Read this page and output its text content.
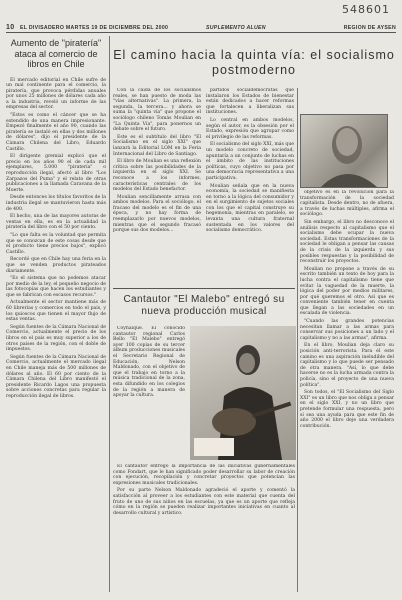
548601
10 EL DIVISADERO MARTES 19 DE DICIEMBRE DEL 2000	SUPLEMENTO ALUEN	REGION DE AYSEN

Aumento de "piratería" ataca al comercio de libros en Chile

El mercado editorial en Chile sufre de un mal continente para el comercio, la piratería, que provoca pérdidas anuales por unos 25 millones de dólares cada año a la industria, reveló un informe de las empresas del sector.

"Estos es como el cáncer que se ha extendido de una manera impresionante. Empezó finalmente el año 90, cuando las piratería se instaló en ellas y dos millones de dólares", dijo el presidente de la Cámara Chilena del Libro, Eduardo Castillo.

El dirigente gremial explicó que el precio en los años 90 el de cada mil ejemplares, 5.000 "piratería" o reproducción ilegal, afectó al libro "Los Zarpazos del Puma" y el relato de otras publicaciones a la llamada Caravana de la Muerte.

Desde entonces los títulos favoritos de la industria ilegal se mantuvieron hasta más de 400.

El hecho, una de las mayores autoras de ventas en ella, es en la actualidad la piratería del libro con el 50 por ciento.

"Lo que falta es la voluntad que permita que se conozcan de este cosas desde que el producto tiene precios bajos", explicó Castillo.

Recordó que en Chile hay una feria en la que se venden productos pirateados diariamente.

"Es el sistema que no podemos atacar por medio de la ley, el pequeño negocio de las fotocopias que hacen los estudiantes y que se fabrican con escasos recursos."

Actualmente el sector mantiene más de 60 librerías y comercios en todo el país, y los quioscos que tienen el mayor flujo de estas ventas.

Según fuentes de la Cámara Nacional de Comercio, actualmente el precio de los libros en el país es muy superior a los de otros países de la región, con el doble de impuestos.

Según fuentes de la Cámara Nacional de Comercio, actualmente el mercado ilegal en Chile maneja más de 500 millones de dólares al año. El 60 por ciento de la Cámara Chilena del Libro manifestó el presidente Ricardo Lagos una propuesta sobre acciones concretas para regular la reproducción ilegal de libros.

El camino hacia la quinta vía: el socialismo postmoderno

Con la caída de los socialismos reales, se han puesto de moda las "vías alternativas". La primera, la segunda, la tercera... y ahora se suma la "quinta vía" que propone el sociólogo chileno Tomás Moulian en "La Quinta Vía", para ponernos un debate sobre el futuro.

Este es el subtítulo del libro "El Socialismo en el siglo XXI" que lanzará la Editorial LOM en la Feria Internacional del Libro de Santiago.

El libro de Moulian es una reflexión crítica sobre las posibilidades de la izquierda en el siglo XXI. Se reconoce a los informes, características centrales de los modelos del Estado benefactor.

Moulian sencillamente arrasa con ambos modelos. Para el sociólogo, el fracaso del modelo es el fin de una época, y no hay forma de reemplazarlo por nuevos modelos, mientras que el segundo fracasó porque sus dos modelos...

partidos socialdemócratas que instalaron los Estados de bienestar están dedicados a hacer reformas que fortalecen a liberalizan sus instituciones.

Lo central en ambos modelos, según el autor, es la obsesión por el Estado, expresión que agrupar como el privilegio de las reformas.

El socialismo del siglo XXI, más que un modelo concreto de sociedad, apuntaría a un conjunto de luchas en el ámbito de las instituciones políticas, cuyo objetivo no pasa por una democracia representativa a una participativa.

Moulian señala que en la nueva economía, la sociedad se manifiesta en torno a la lógica del consumidor y en el surgimiento de sujetos sociales con los que el capital construye su hegemonía, mientras en paralelo, se levanta una cultura fraternal sustentada en los valores del socialismo democrático.

objetivo es en la revolución para la transformación de la sociedad capitalista. Desde dentro, no de afuera, a través de luchas múltiples, afirma el sociólogo.

Sin embargo, el libro no desconoce el análisis respecto al capitalismo que el socialismo debe ocupar la nueva sociedad. Estas transformaciones de la sociedad le obligan a pensar las causas de la crisis de la izquierda y sus posibles respuestas y la posibilidad de reconstruir los proyectos.

Moulian no propone a través de su escrito también un texto de hoy para la lucha contra el capitalismo tiene que evitar la vaguedad de la muerte, la lógica del poder por medios militares, por qué queremos el otro. Así que es conveniente también tener en cuenta que llegan a las sociedades en un escalada de violencia.

"Cuando las grandes potencias necesitan llamar a las armas para conservar sus posiciones a un lado y el capitalismo y no a las armas", afirma.

En el libro, Moulian deja claro su posición anti-terrorista. Para él este camino es una aspiración ineludible del capitalismo y lo que puede ser pensado de otra manera. "Así, lo que debe hacerse no es la lucha armada contra la policía, sino el proyecto de una nueva política".

Son todos, el "El Socialismo del Siglo XXI" es un libro que nos obliga a pensar en el siglo XXI, y no un libro que pretende formular una respuesta, pero sí sea una ayuda para que este fin de año 2000 el libro deje una verdadera contribución.

Cantautor "El Malebo" entregó su nueva producción musical

Coyhaique. El conocido cantautor regional Carlos Bello "El Malebo" entregó ayer 100 copias de su tercer álbum producciones musicales el Secretario Regional de Educación, Nelson Maldonado, con el objetivo de que el trabajo en torno a la música tradicional de la zona, esta difundido en los colegios de la región a manera de apoyar la cultura.

El cantautor entregó la importancia de las iniciativas gubernamentales como Fondart, que le han significado poder desarrollar su labor de creación con ejecución, recopilación y concretar proyectos que potencian las expresiones musicales tradicionales.

Por su parte Nelson Maldonado agradeció el aporte y comentó la satisfacción al proveer a los estudiantes con este material que cuenta del fruto de uno de sus niños en las escuelas, ya que es un aporte que refleja cómo en la región se pueden realizar importantes iniciativas en cuanto al desarrollo cultural y artístico.
